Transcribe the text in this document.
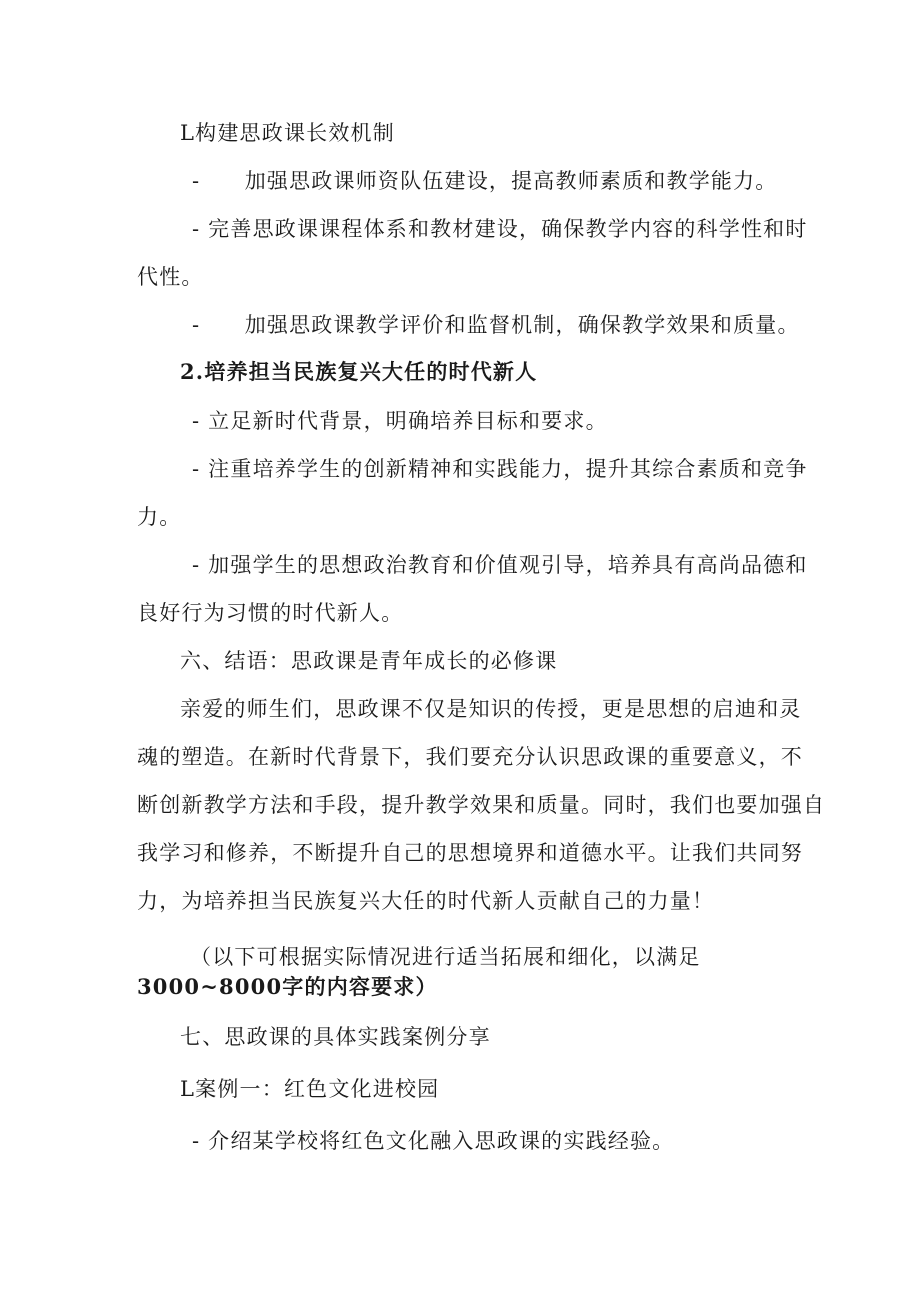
L构建思政课长效机制
-　　加强思政课师资队伍建设，提高教师素质和教学能力。
- 完善思政课课程体系和教材建设，确保教学内容的科学性和时
代性。
-　　加强思政课教学评价和监督机制，确保教学效果和质量。
2.培养担当民族复兴大任的时代新人
- 立足新时代背景，明确培养目标和要求。
- 注重培养学生的创新精神和实践能力，提升其综合素质和竞争
力。
- 加强学生的思想政治教育和价值观引导，培养具有高尚品德和
良好行为习惯的时代新人。
六、结语：思政课是青年成长的必修课
亲爱的师生们，思政课不仅是知识的传授，更是思想的启迪和灵
魂的塑造。在新时代背景下，我们要充分认识思政课的重要意义，不
断创新教学方法和手段，提升教学效果和质量。同时，我们也要加强自
我学习和修养，不断提升自己的思想境界和道德水平。让我们共同努
力，为培养担当民族复兴大任的时代新人贡献自己的力量！
（以下可根据实际情况进行适当拓展和细化，以满足
3000~8000字的内容要求）
七、思政课的具体实践案例分享
L案例一：红色文化进校园
- 介绍某学校将红色文化融入思政课的实践经验。
